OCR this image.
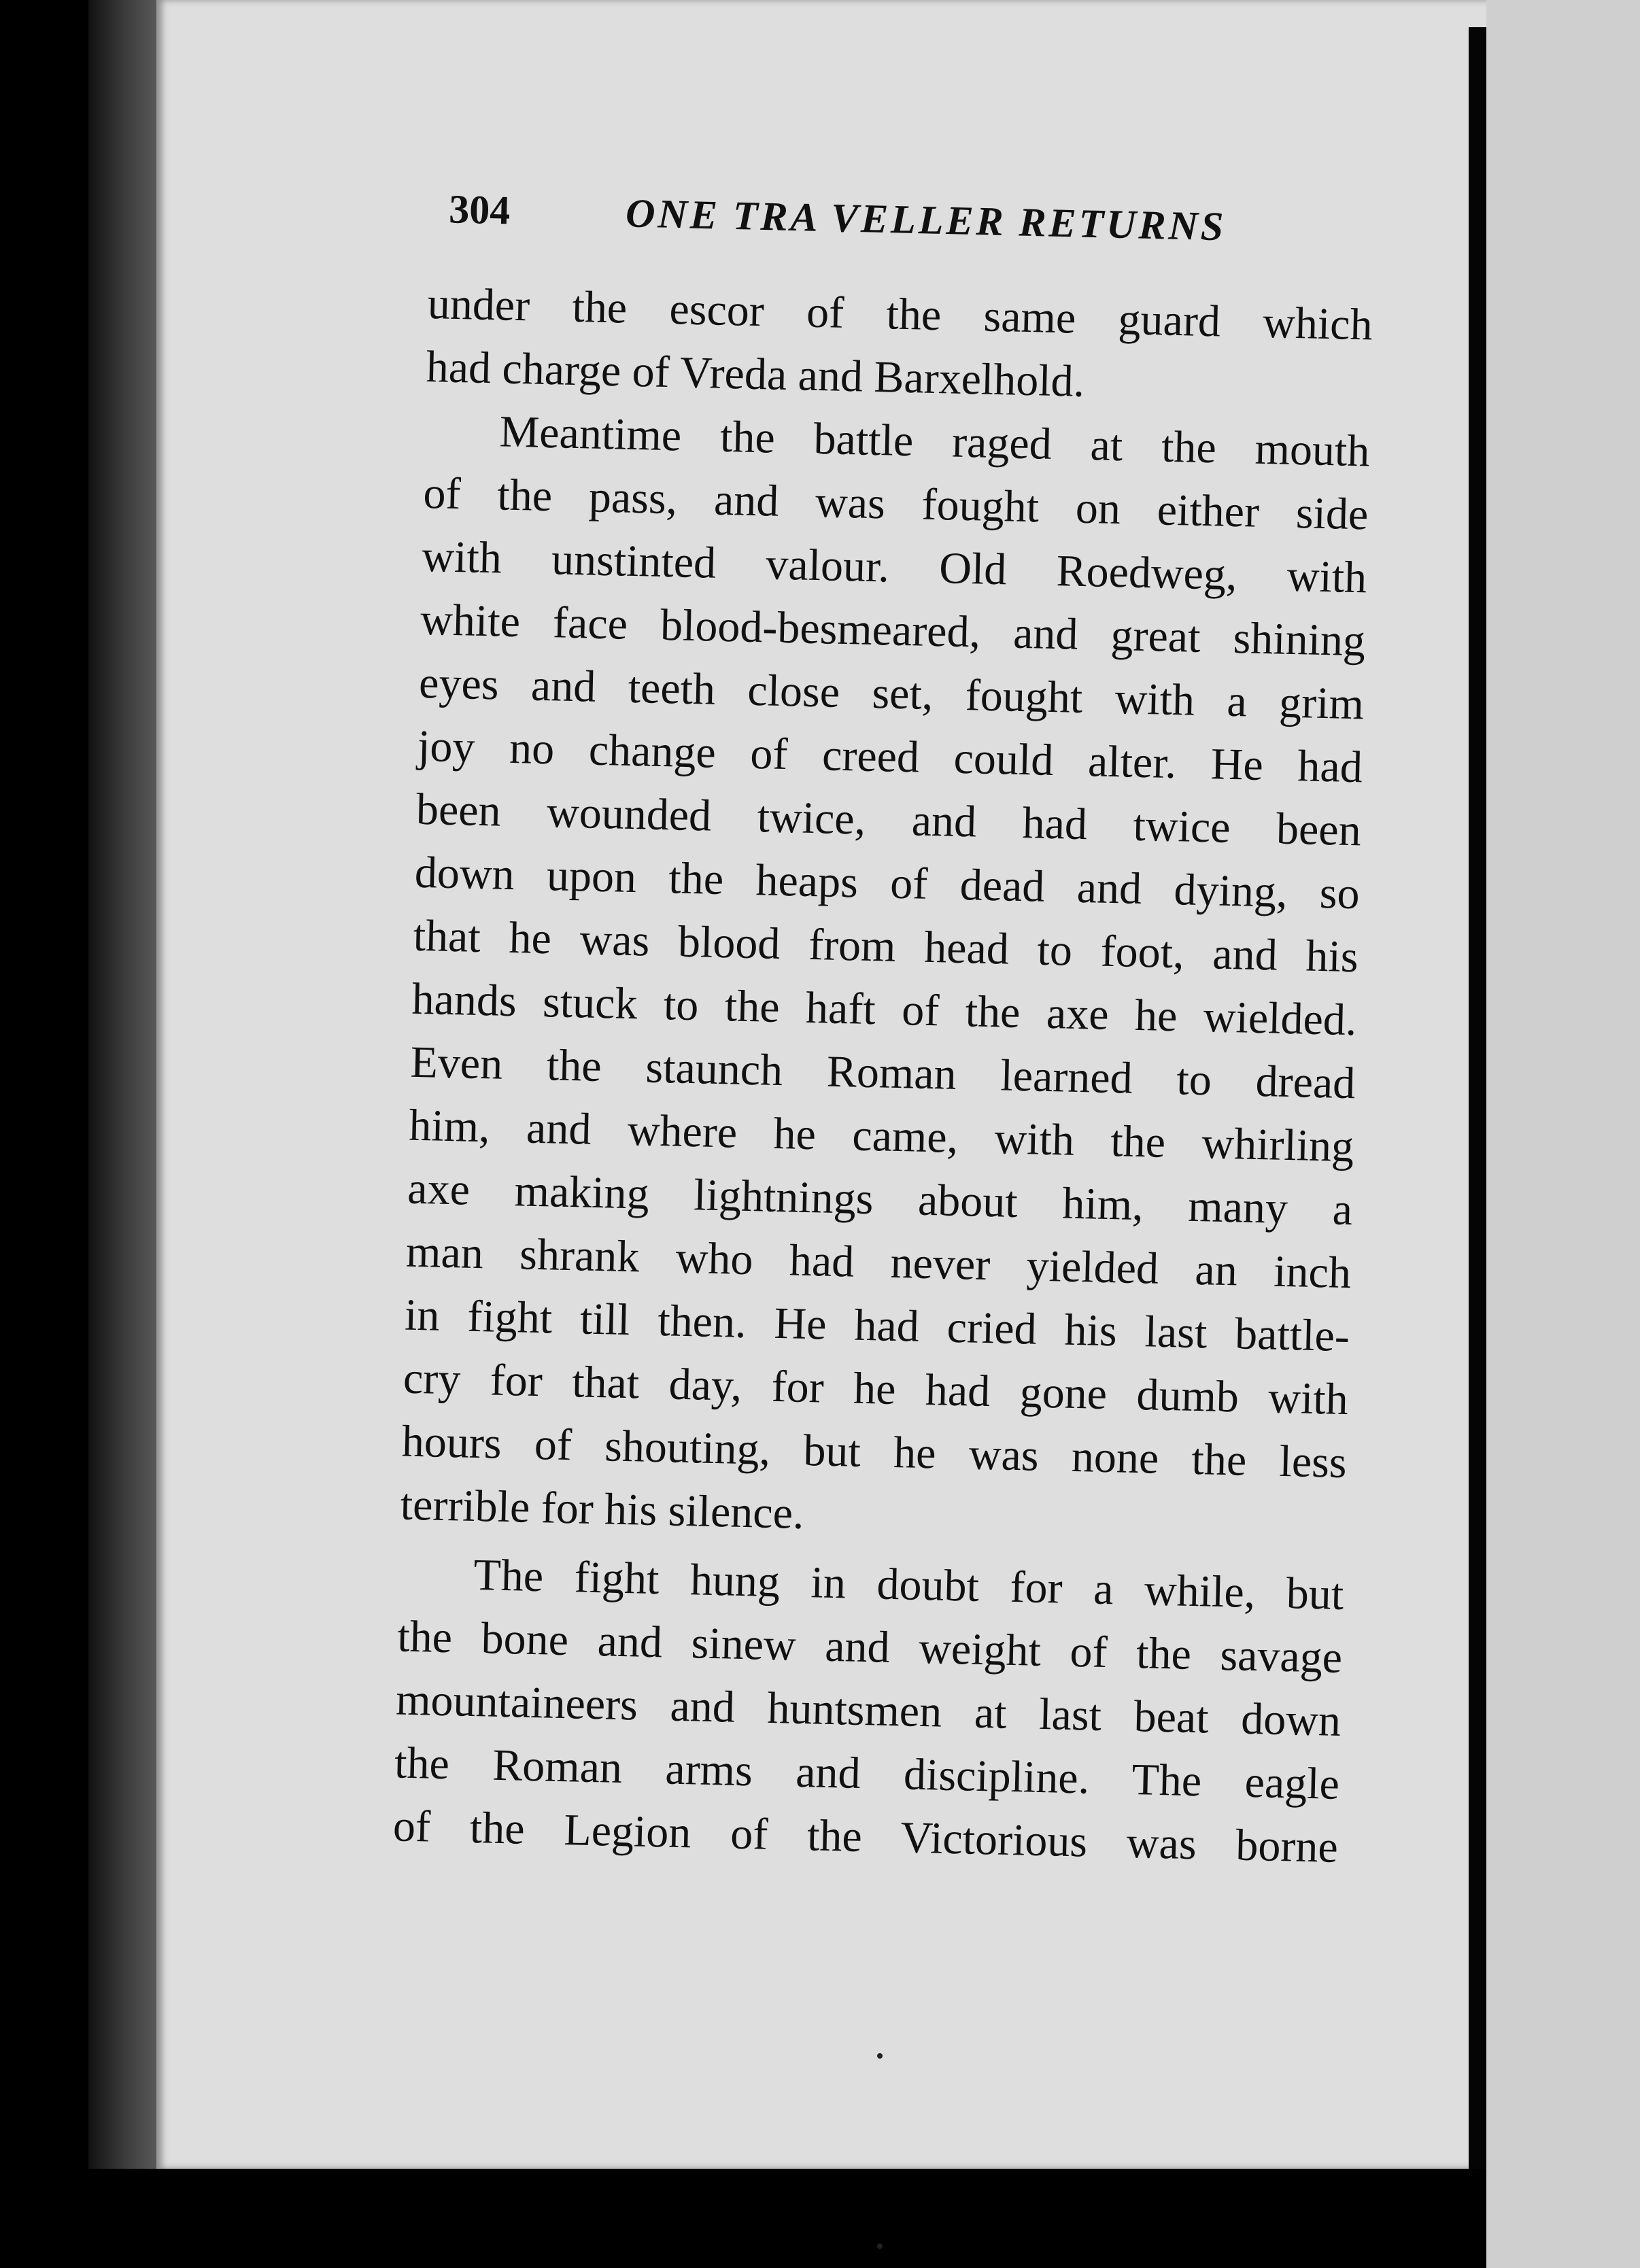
304	ONE TRA VELLER RETURNS
under the escor of the same guard which
had charge of Vreda and Barxelhold.
Meantime the battle raged at the mouth
of the pass, and was fought on either side
with unstinted valour. Old Roedweg, with
white face blood-besmeared, and great shining
eyes and teeth close set, fought with a grim
joy no change of creed could alter. He had
been wounded twice, and had twice been
down upon the heaps of dead and dying, so
that he was blood from head to foot, and his
hands stuck to the haft of the axe he wielded.
Even the staunch Roman learned to dread
him, and where he came, with the whirling
axe making lightnings about him, many a
man shrank who had never yielded an inch
in fight till then. He had cried his last battle-
cry for that day, for he had gone dumb with
hours of shouting, but he was none the less
terrible for his silence.
The fight hung in doubt for a while, but
the bone and sinew and weight of the savage
mountaineers and huntsmen at last beat down
the Roman arms and discipline. The eagle
of the Legion of the Victorious was borne
